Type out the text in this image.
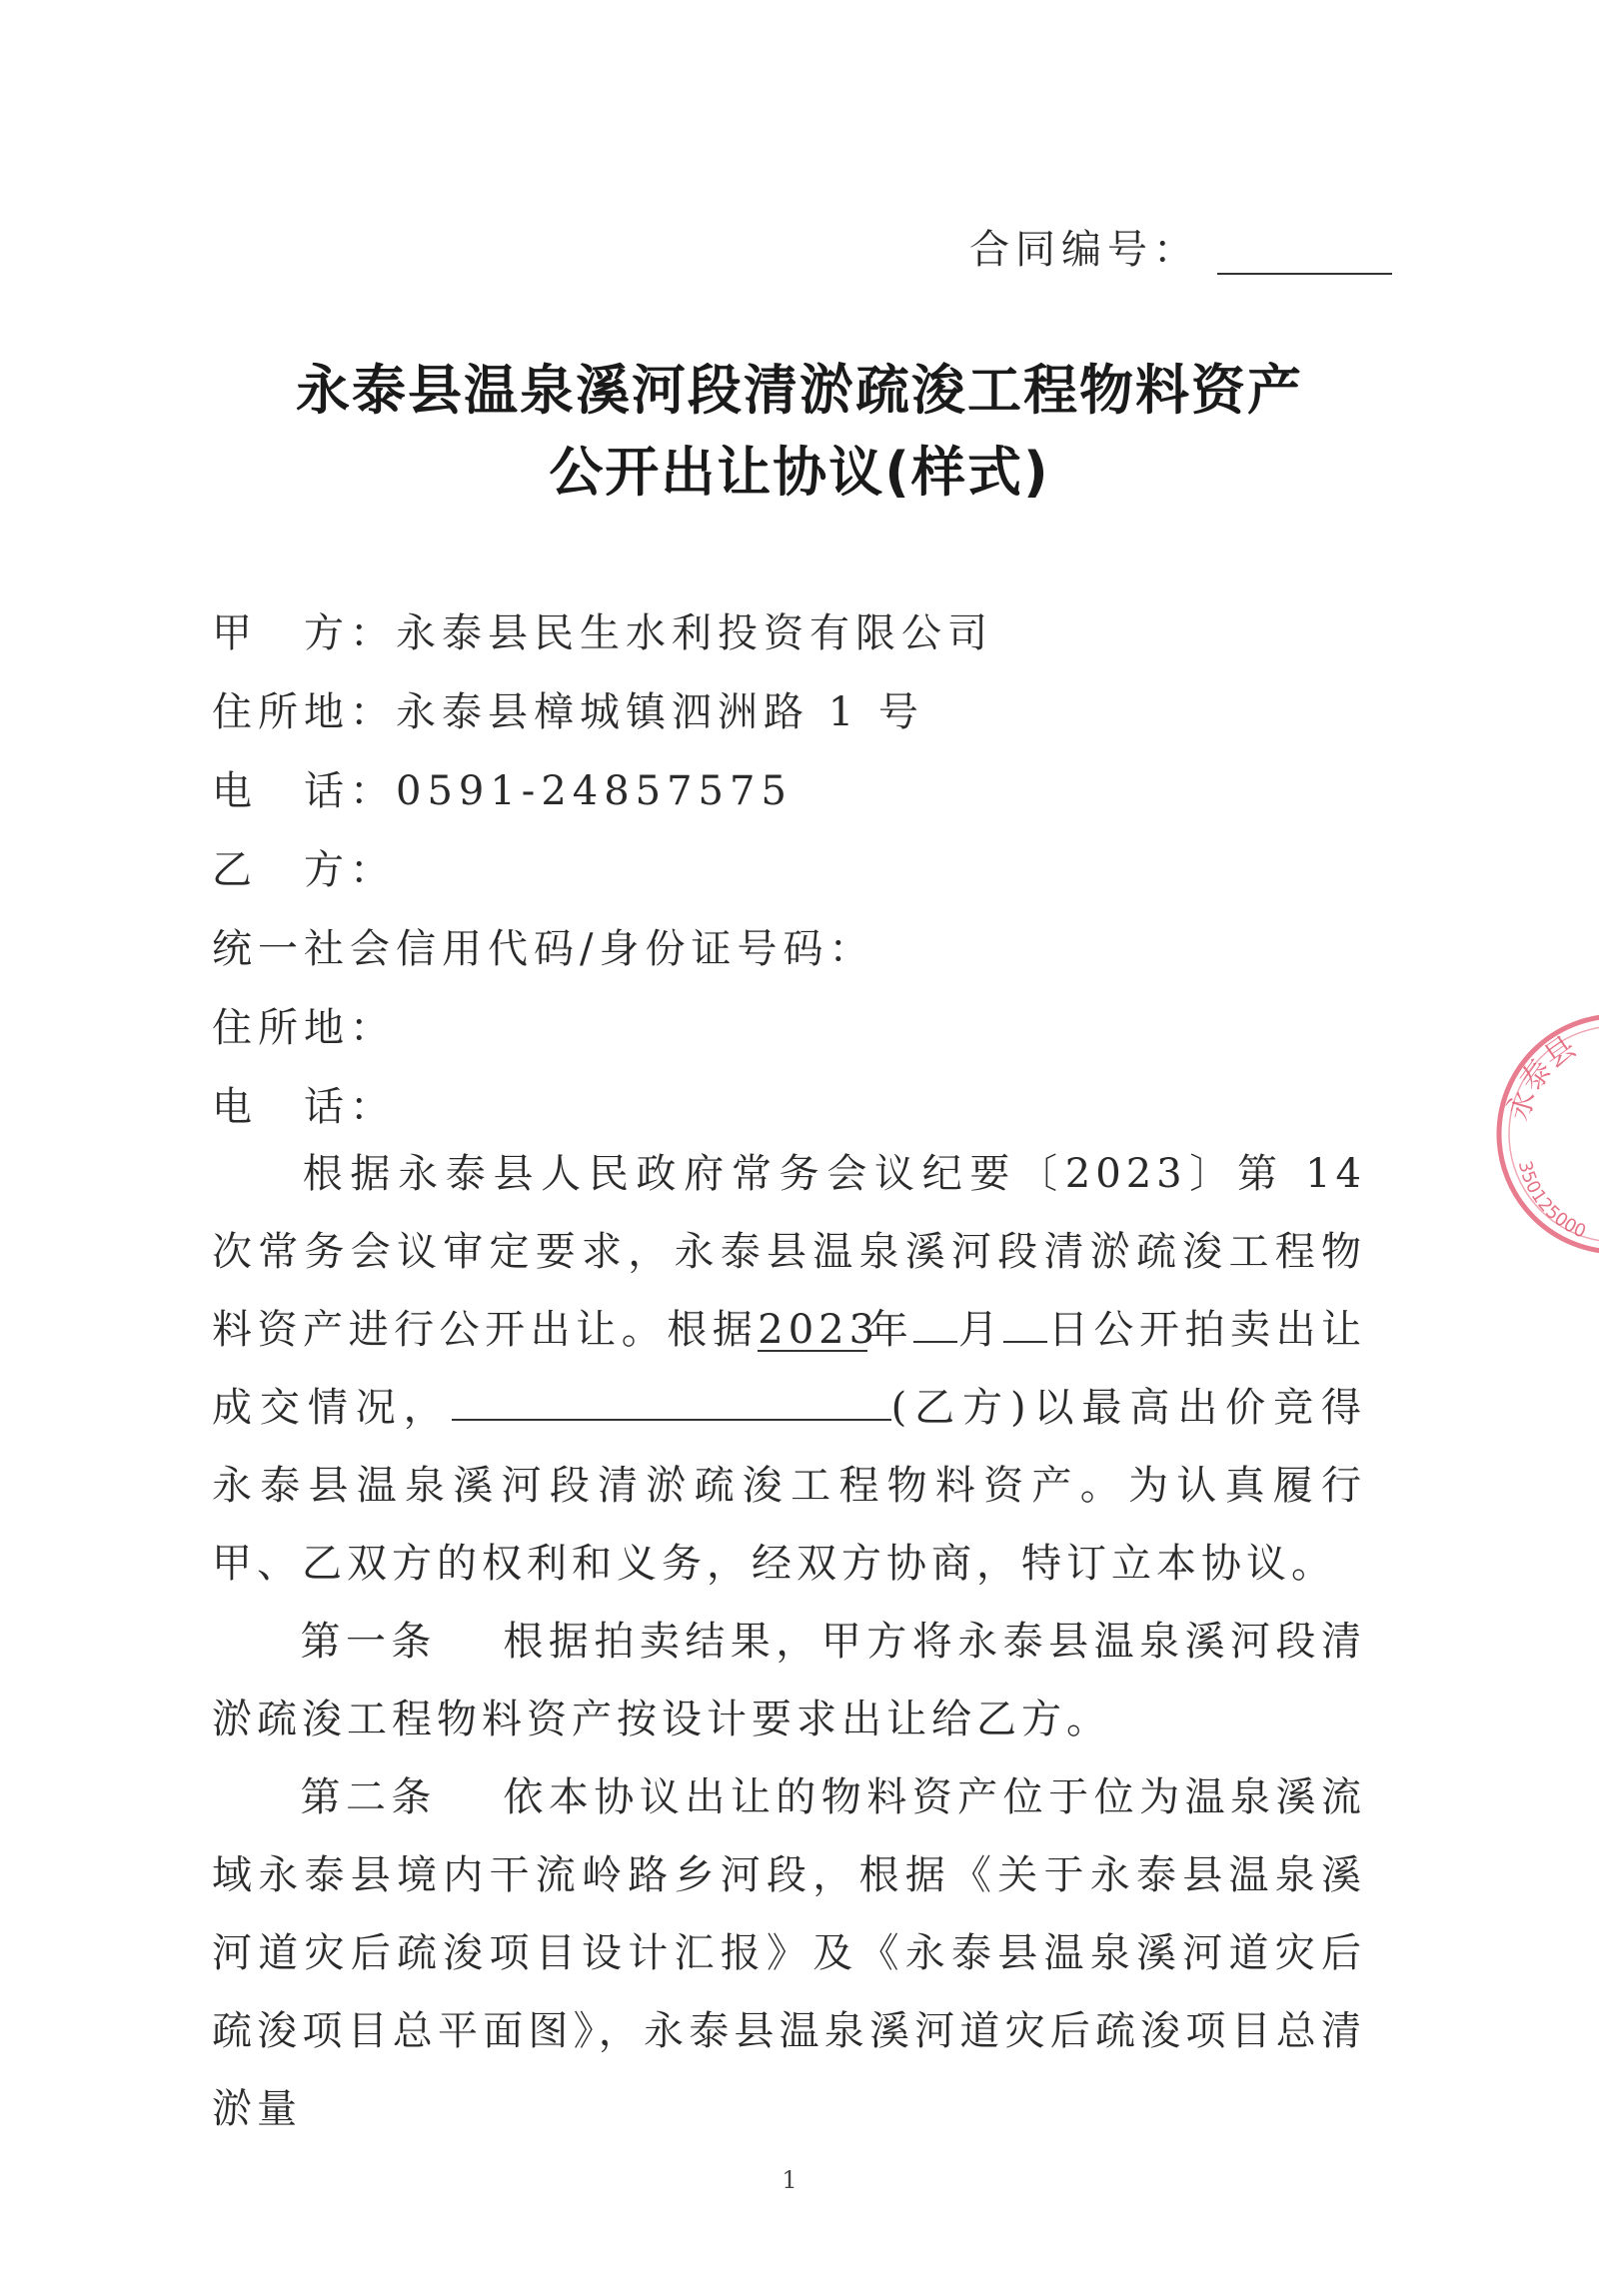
合同编号：
永泰县温泉溪河段清淤疏浚工程物料资产
公开出让协议(样式)
甲　方：永泰县民生水利投资有限公司
住所地：永泰县樟城镇泗洲路 1 号
电　话：0591-24857575
乙　方：
统一社会信用代码/身份证号码：
住所地：
电　话：
根据永泰县人民政府常务会议纪要〔2023〕第 14 次常务会议审定要求，永泰县温泉溪河段清淤疏浚工程物料资产进行公开出让。根据2023年 月 日公开拍卖出让成交情况，	(乙方)以最高出价竞得永泰县温泉溪河段清淤疏浚工程物料资产。为认真履行甲、乙双方的权利和义务，经双方协商，特订立本协议。
第一条 根据拍卖结果，甲方将永泰县温泉溪河段清淤疏浚工程物料资产按设计要求出让给乙方。
第二条 依本协议出让的物料资产位于位为温泉溪流域永泰县境内干流岭路乡河段，根据《关于永泰县温泉溪河道灾后疏浚项目设计汇报》及《永泰县温泉溪河道灾后疏浚项目总平面图》，永泰县温泉溪河道灾后疏浚项目总清淤量
1
永泰县
350125000
